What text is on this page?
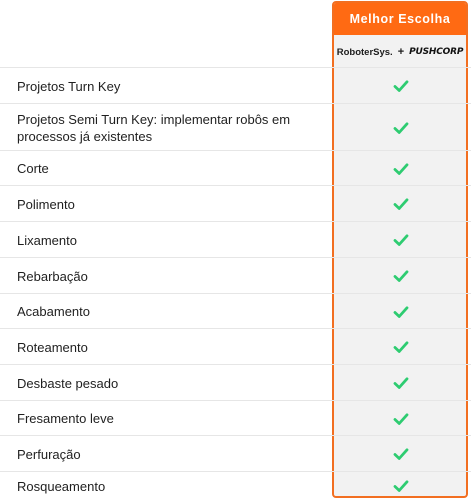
Melhor Escolha
RoboterSys. + PUSHCORP
Projetos Turn Key
Projetos Semi Turn Key: implementar robôs em processos já existentes
Corte
Polimento
Lixamento
Rebarbação
Acabamento
Roteamento
Desbaste pesado
Fresamento leve
Perfuração
Rosqueamento
